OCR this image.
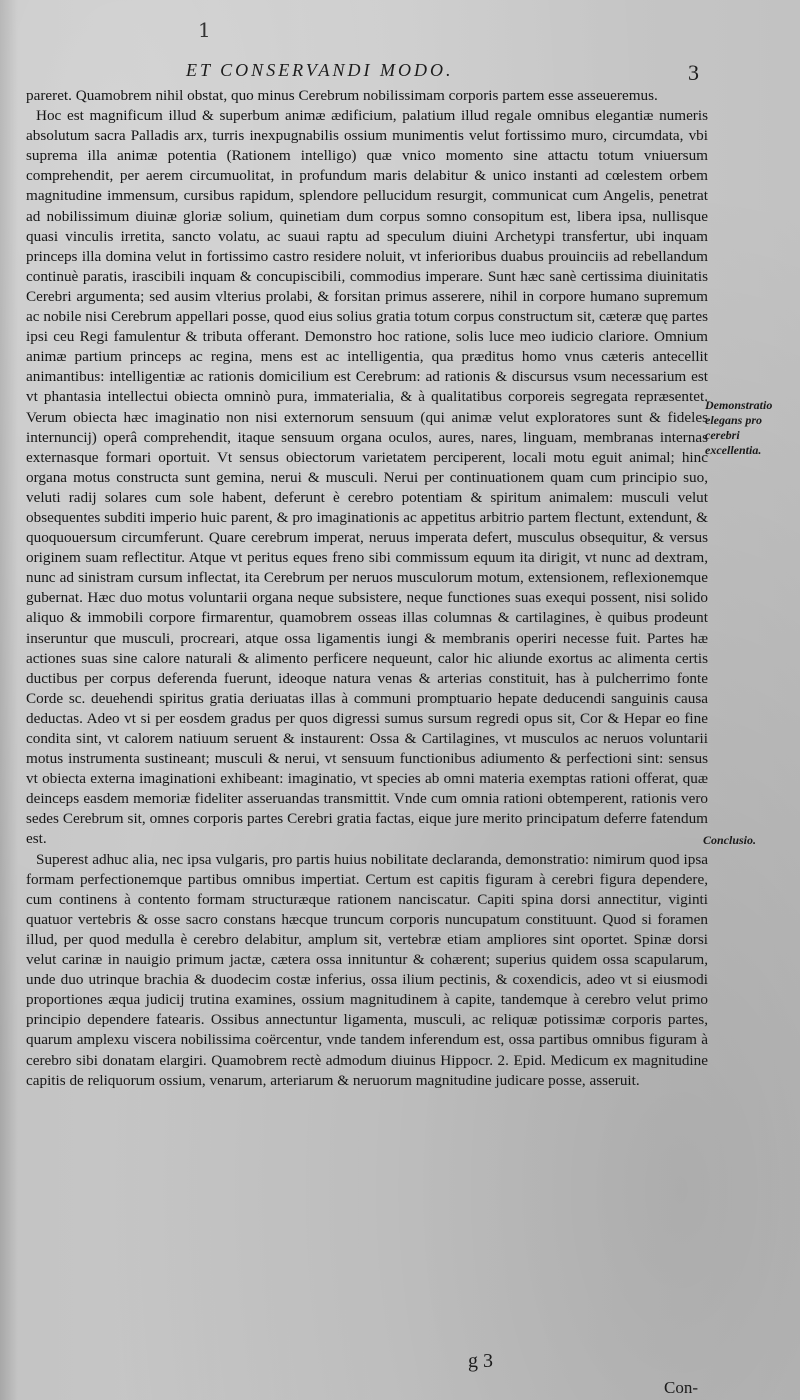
1
ET CONSERVANDI MODO.	3

pareret. Quamobrem nihil obstat, quo minus Cerebrum nobilissimam corporis partem esse asseueremus.

Hoc est magnificum illud & superbum animæ ædificium, palatium illud regale omnibus elegantiæ numeris absolutum sacra Palladis arx, turris inexpugnabilis ossium munimentis velut fortissimo muro, circumdata, vbi suprema illa animæ potentia (Rationem intelligo) quæ vnico momento sine attactu totum vniuersum comprehendit, per aerem circumuolitat, in profundum maris delabitur & unico instanti ad cœlestem orbem magnitudine immensum, cursibus rapidum, splendore pellucidum resurgit, communicat cum Angelis, penetrat ad nobilissimum diuinæ gloriæ solium, quinetiam dum corpus somno consopitum est, libera ipsa, nullisque quasi vinculis irretita, sancto volatu, ac suaui raptu ad speculum diuini Archetypi transfertur, ubi inquam princeps illa domina velut in fortissimo castro residere noluit, vt inferioribus duabus prouinciis ad rebellandum continuè paratis, irascibili inquam & concupiscibili, commodius imperare. Sunt hæc sanè certissima diuinitatis Cerebri argumenta; sed ausim vlterius prolabi, & forsitan primus asserere, nihil in corpore humano supremum ac nobile nisi Cerebrum appellari posse, quod eius solius gratia totum corpus constructum sit, cæteræ quę partes ipsi ceu Regi famulentur & tributa offerant. Demonstro hoc ratione, solis luce meo iudicio clariore. Omnium animæ partium princeps ac regina, mens est ac intelligentia, qua præditus homo vnus cæteris antecellit animantibus: intelligentiæ ac rationis domicilium est Cerebrum: ad rationis & discursus vsum necessarium est vt phantasia intellectui obiecta omninò pura, immaterialia, & à qualitatibus corporeis segregata repræsentet. Verum obiecta hæc imaginatio non nisi externorum sensuum (qui animæ velut exploratores sunt & fideles internuncij) operâ comprehendit, itaque sensuum organa oculos, aures, nares, linguam, membranas internas externasque formari oportuit. Vt sensus obiectorum varietatem perciperent, locali motu eguit animal; hinc organa motus constructa sunt gemina, nerui & musculi. Nerui per continuationem quam cum principio suo, veluti radij solares cum sole habent, deferunt è cerebro potentiam & spiritum animalem: musculi velut obsequentes subditi imperio huic parent, & pro imaginationis ac appetitus arbitrio partem flectunt, extendunt, & quoquouersum circumferunt. Quare cerebrum imperat, neruus imperata defert, musculus obsequitur, & versus originem suam reflectitur. Atque vt peritus eques freno sibi commissum equum ita dirigit, vt nunc ad dextram, nunc ad sinistram cursum inflectat, ita Cerebrum per neruos musculorum motum, extensionem, reflexionemque gubernat. Hæc duo motus voluntarii organa neque subsistere, neque functiones suas exequi possent, nisi solido aliquo & immobili corpore firmarentur, quamobrem osseas illas columnas & cartilagines, è quibus prodeunt inseruntur que musculi, procreari, atque ossa ligamentis iungi & membranis operiri necesse fuit. Partes hæ actiones suas sine calore naturali & alimento perficere nequeunt, calor hic aliunde exortus ac alimenta certis ductibus per corpus deferenda fuerunt, ideoque natura venas & arterias constituit, has à pulcherrimo fonte Corde sc. deuehendi spiritus gratia deriuatas illas à communi promptuario hepate deducendi sanguinis causa deductas. Adeo vt si per eosdem gradus per quos digressi sumus sursum regredi opus sit, Cor & Hepar eo fine condita sint, vt calorem natiuum seruent & instaurent: Ossa & Cartilagines, vt musculos ac neruos voluntarii motus instrumenta sustineant; musculi & nerui, vt sensuum functionibus adiumento & perfectioni sint: sensus vt obiecta externa imaginationi exhibeant: imaginatio, vt species ab omni materia exemptas rationi offerat, quæ deinceps easdem memoriæ fideliter asseruandas transmittit. Vnde cum omnia rationi obtemperent, rationis vero sedes Cerebrum sit, omnes corporis partes Cerebri gratia factas, eique jure merito principatum deferre fatendum est.

Superest adhuc alia, nec ipsa vulgaris, pro partis huius nobilitate declaranda, demonstratio: nimirum quod ipsa formam perfectionemque partibus omnibus impertiat. Certum est capitis figuram à cerebri figura dependere, cum continens à contento formam structuræque rationem nanciscatur. Capiti spina dorsi annectitur, viginti quatuor vertebris & osse sacro constans hæcque truncum corporis nuncupatum constituunt. Quod si foramen illud, per quod medulla è cerebro delabitur, amplum sit, vertebræ etiam ampliores sint oportet. Spinæ dorsi velut carinæ in nauigio primum jactæ, cætera ossa innituntur & cohærent; superius quidem ossa scapularum, unde duo utrinque brachia & duodecim costæ inferius, ossa ilium pectinis, & coxendicis, adeo vt si eiusmodi proportiones æqua judicij trutina examines, ossium magnitudinem à capite, tandemque à cerebro velut primo principio dependere fatearis. Ossibus annectuntur ligamenta, musculi, ac reliquæ potissimæ corporis partes, quarum amplexu viscera nobilissima coërcentur, vnde tandem inferendum est, ossa partibus omnibus figuram à cerebro sibi donatam elargiri. Quamobrem rectè admodum diuinus Hippocr. 2. Epid. Medicum ex magnitudine capitis de reliquorum ossium, venarum, arteriarum & neruorum magnitudine judicare posse, asseruit.

Demonstratio elegans pro cerebri excellentia.
Conclusio.
g 3
Con-
